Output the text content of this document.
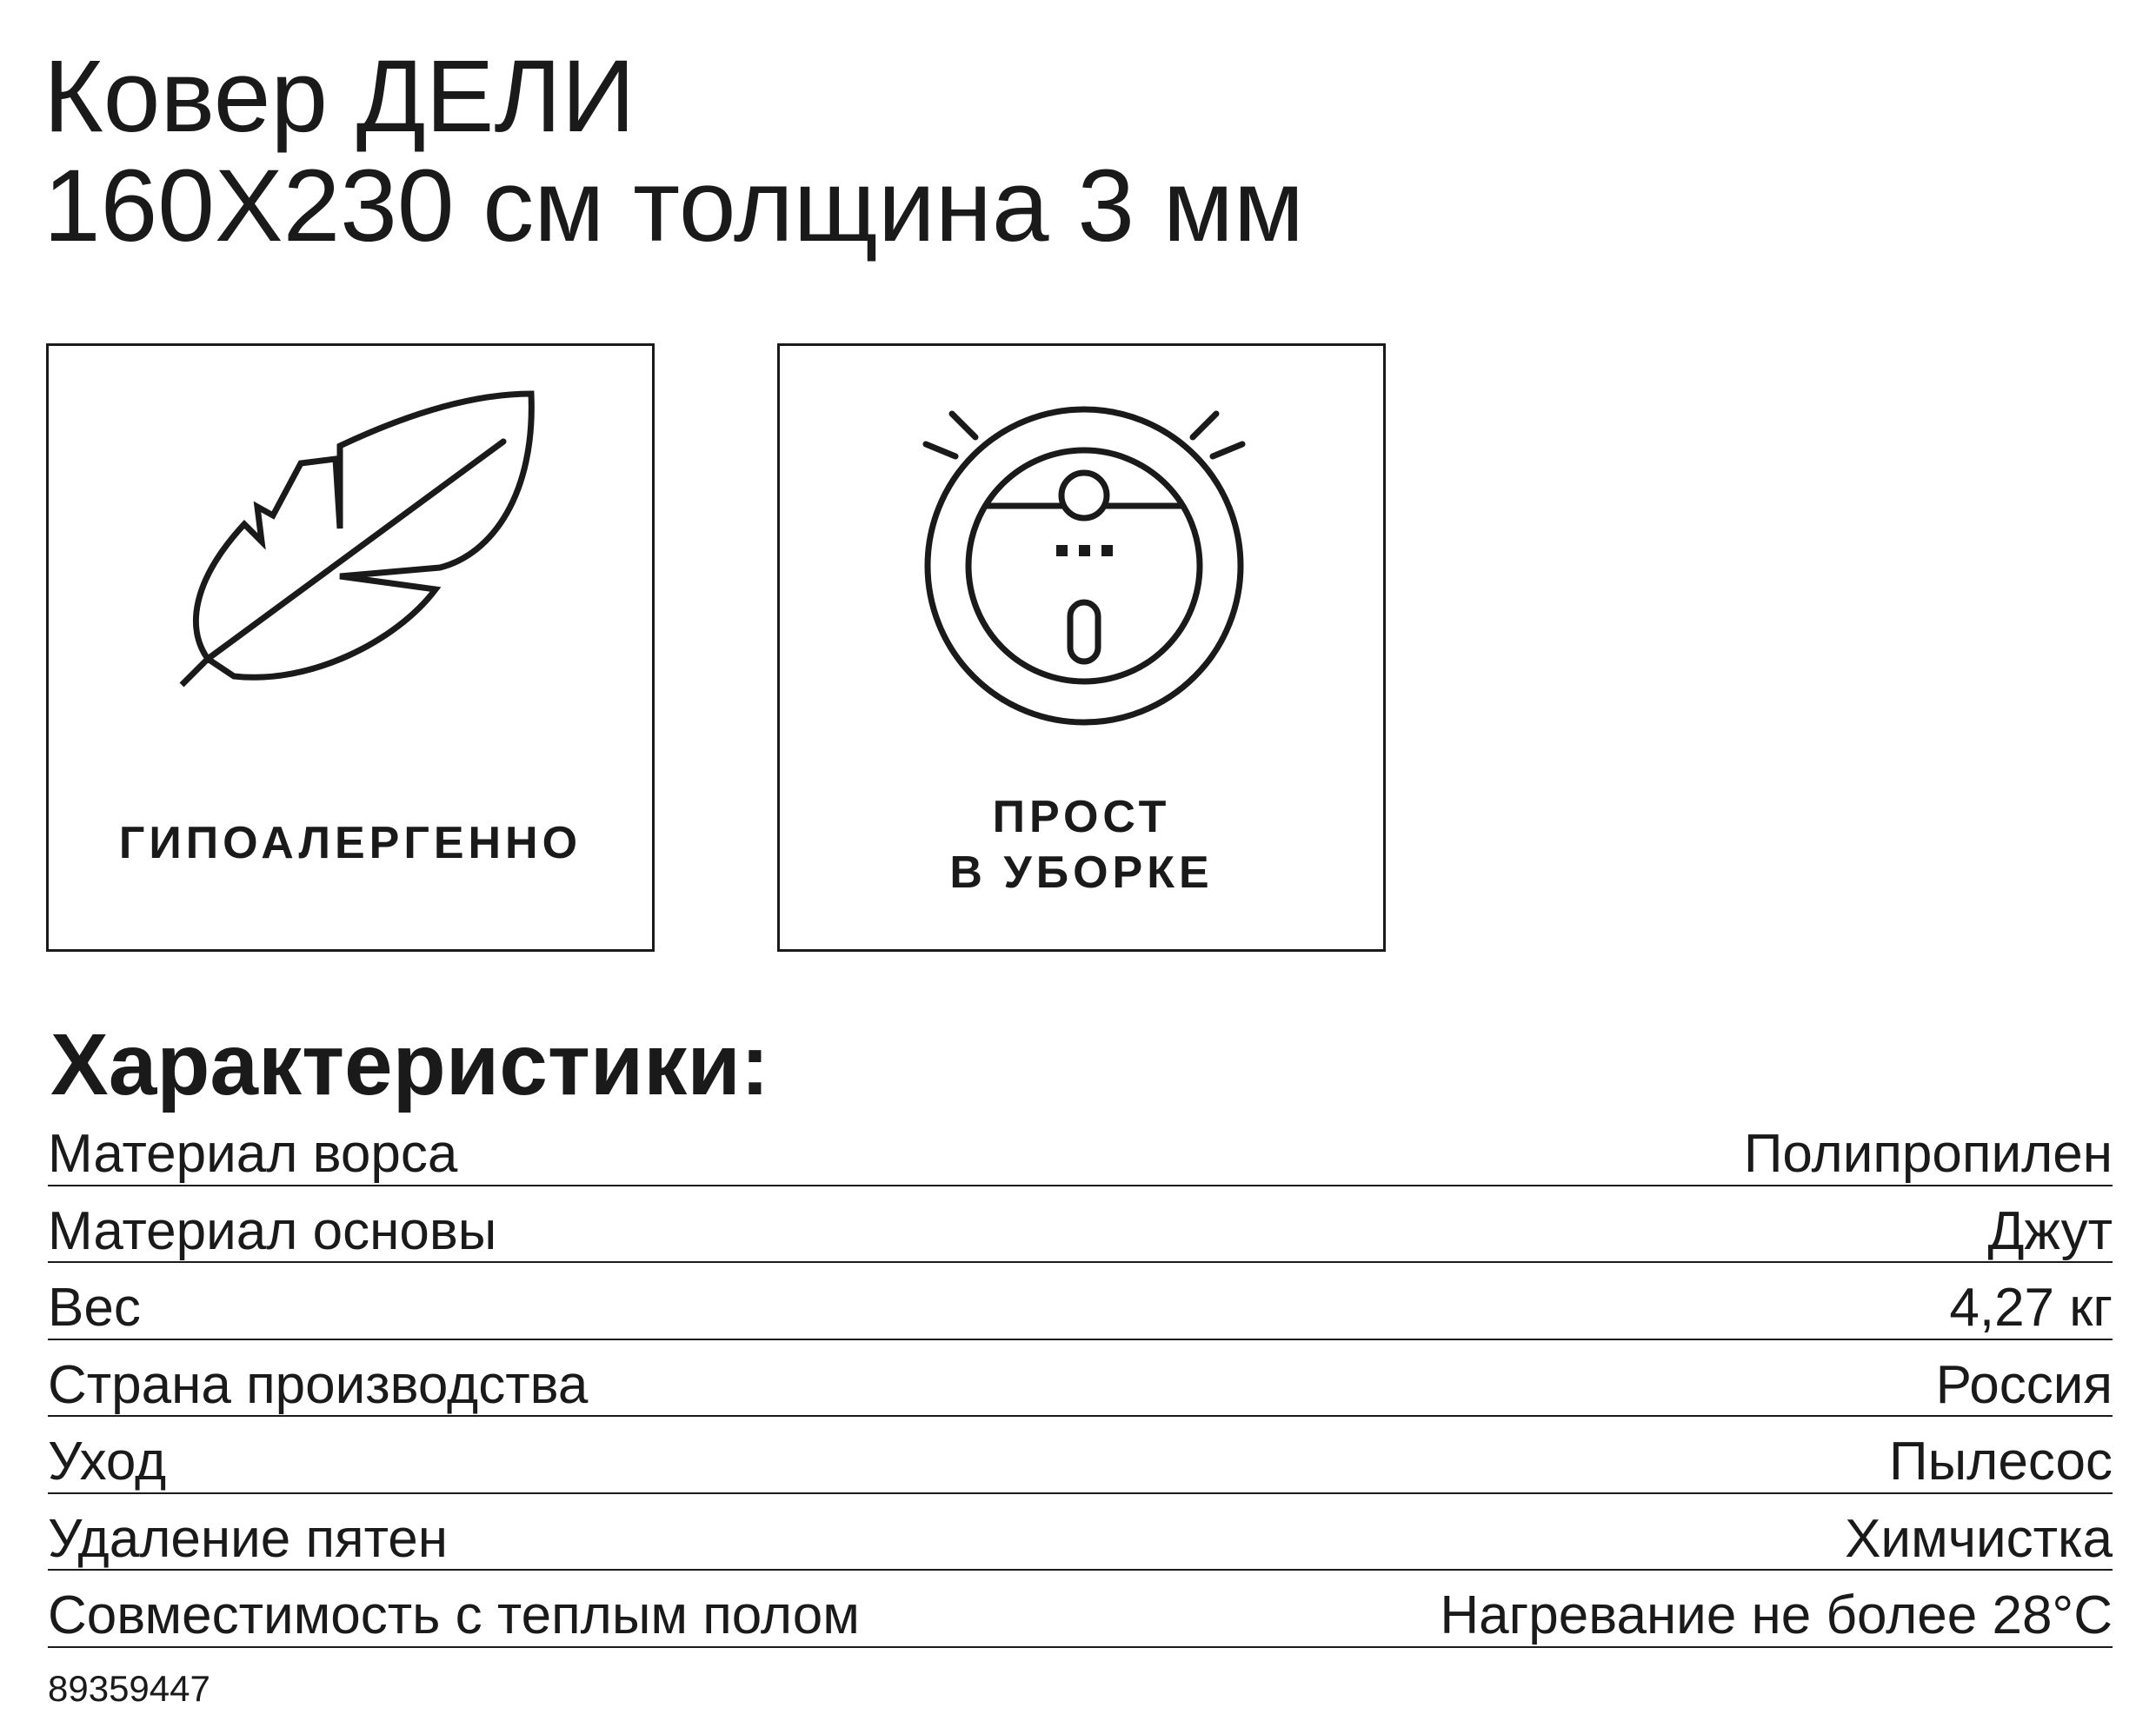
Ковер ДЕЛИ
160X230 см толщина 3 мм
ГИПОАЛЕРГЕННО
ПРОСТ
В УБОРКЕ
Характеристики:
Материал ворса	Полипропилен
Материал основы	Джут
Вес	4,27 кг
Страна производства	Россия
Уход	Пылесос
Удаление пятен	Химчистка
Совместимость с теплым полом	Нагревание не более 28°C
89359447
